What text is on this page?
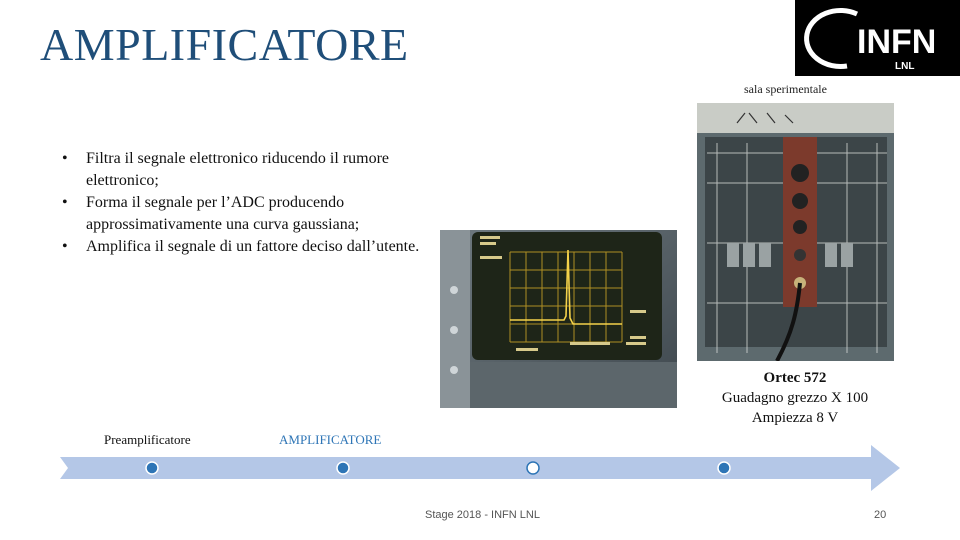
AMPLIFICATORE	INFN
LNL
sala sperimentale
• Filtra il segnale elettronico riducendo il rumore elettronico;
• Forma il segnale per l’ADC producendo approssimativamente una curva gaussiana;
• Amplifica il segnale di un fattore deciso dall’utente.
Ortec 572
Guadagno grezzo X 100
Ampiezza 8 V
Preamplificatore	AMPLIFICATORE
Stage 2018 - INFN LNL	20
